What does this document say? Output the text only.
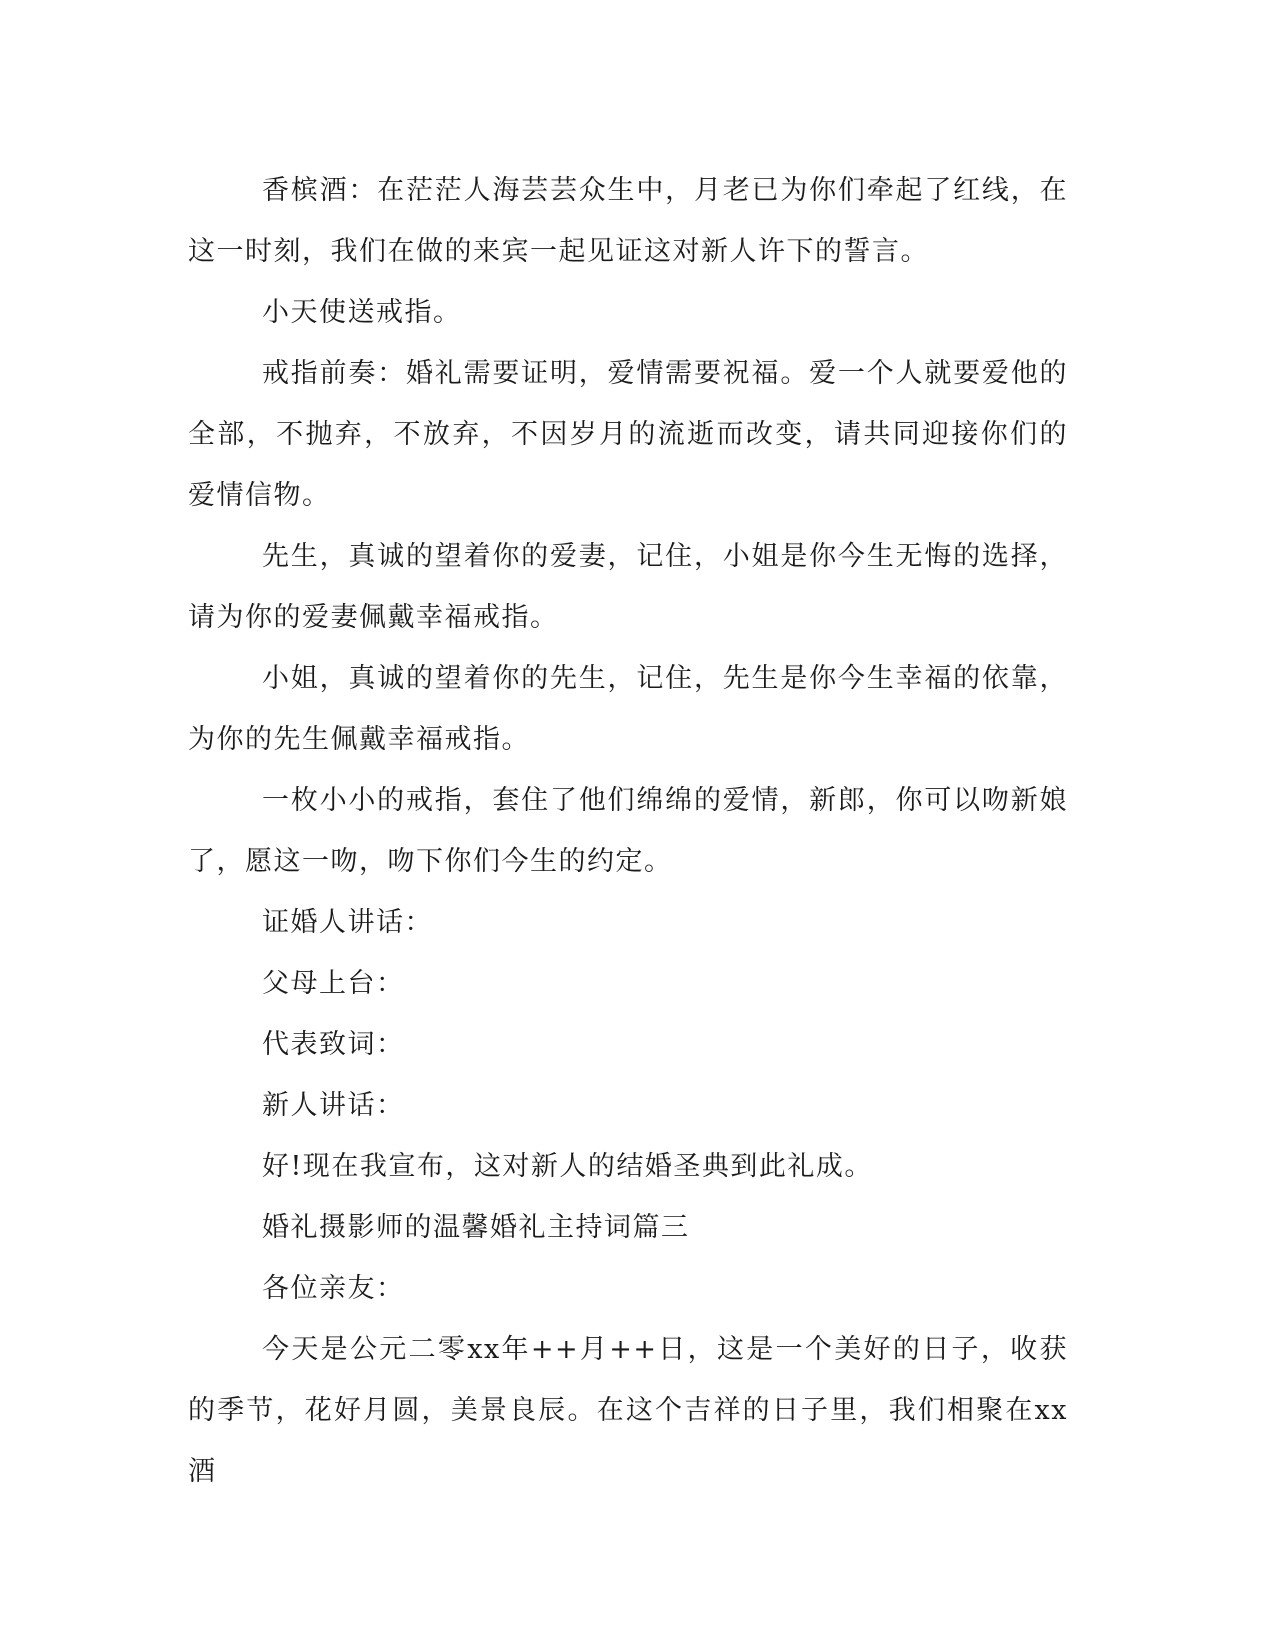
香槟酒：在茫茫人海芸芸众生中，月老已为你们牵起了红线，在这一时刻，我们在做的来宾一起见证这对新人许下的誓言。

小天使送戒指。

戒指前奏：婚礼需要证明，爱情需要祝福。爱一个人就要爱他的全部，不抛弃，不放弃，不因岁月的流逝而改变，请共同迎接你们的爱情信物。

先生，真诚的望着你的爱妻，记住，小姐是你今生无悔的选择，请为你的爱妻佩戴幸福戒指。

小姐，真诚的望着你的先生，记住，先生是你今生幸福的依靠，为你的先生佩戴幸福戒指。

一枚小小的戒指，套住了他们绵绵的爱情，新郎，你可以吻新娘了，愿这一吻，吻下你们今生的约定。

证婚人讲话：

父母上台：

代表致词：

新人讲话：

好!现在我宣布，这对新人的结婚圣典到此礼成。

婚礼摄影师的温馨婚礼主持词篇三

各位亲友：

今天是公元二零xx年++月++日，这是一个美好的日子，收获的季节，花好月圆，美景良辰。在这个吉祥的日子里，我们相聚在xx酒
